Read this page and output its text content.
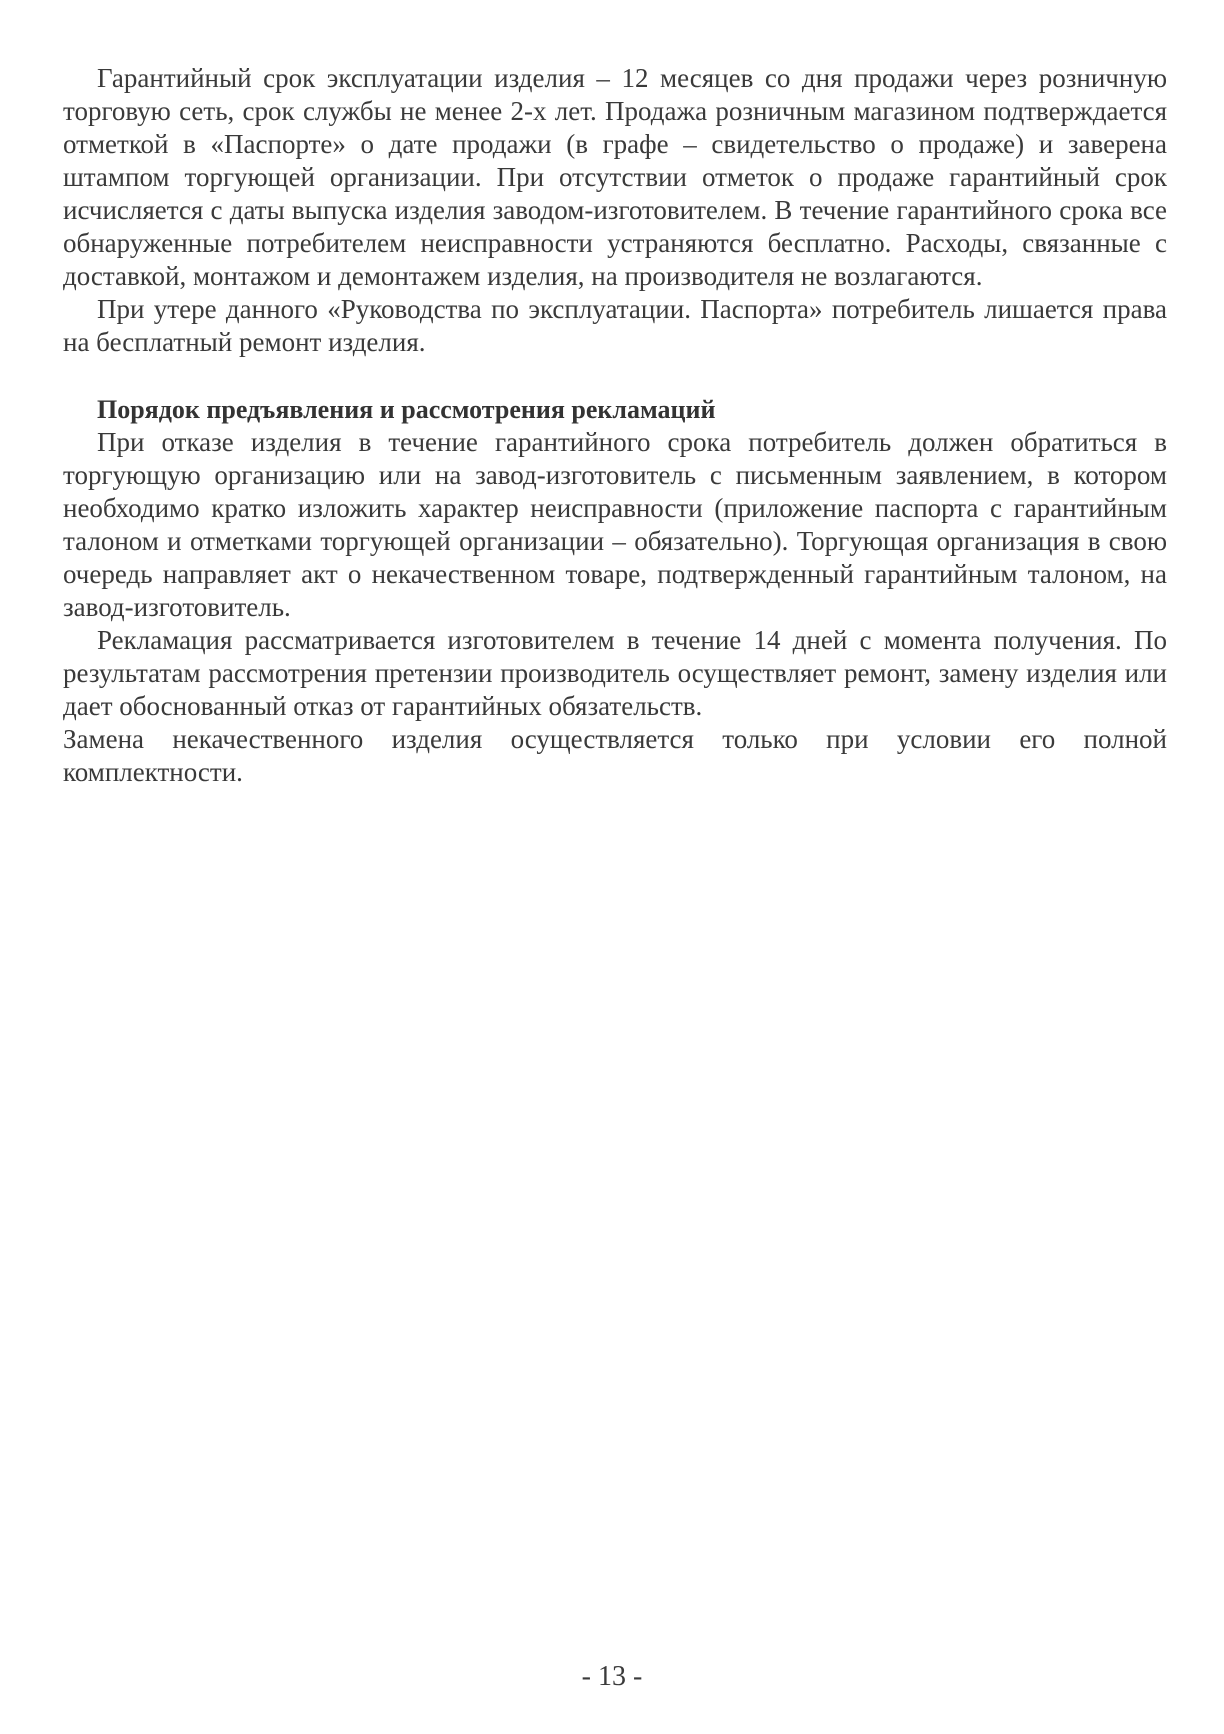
Гарантийный срок эксплуатации изделия – 12 месяцев со дня продажи через розничную торговую сеть, срок службы не менее 2-х лет. Продажа розничным магазином подтверждается отметкой в «Паспорте» о дате продажи (в графе – свидетельство о продаже) и заверена штампом торгующей организации. При отсутствии отметок о продаже гарантийный срок исчисляется с даты выпуска изделия заводом-изготовителем. В течение гарантийного срока все обнаруженные потребителем неисправности устраняются бесплатно. Расходы, связанные с доставкой, монтажом и демонтажем изделия, на производителя не возлагаются.

При утере данного «Руководства по эксплуатации. Паспорта» потребитель лишается права на бесплатный ремонт изделия.

Порядок предъявления и рассмотрения рекламаций

При отказе изделия в течение гарантийного срока потребитель должен обратиться в торгующую организацию или на завод-изготовитель с письменным заявлением, в котором необходимо кратко изложить характер неисправности (приложение паспорта с гарантийным талоном и отметками торгующей организации – обязательно). Торгующая организация в свою очередь направляет акт о некачественном товаре, подтвержденный гарантийным талоном, на завод-изготовитель.

Рекламация рассматривается изготовителем в течение 14 дней с момента получения. По результатам рассмотрения претензии производитель осуществляет ремонт, замену изделия или дает обоснованный отказ от гарантийных обязательств.

Замена некачественного изделия осуществляется только при условии его полной комплектности.

- 13 -
